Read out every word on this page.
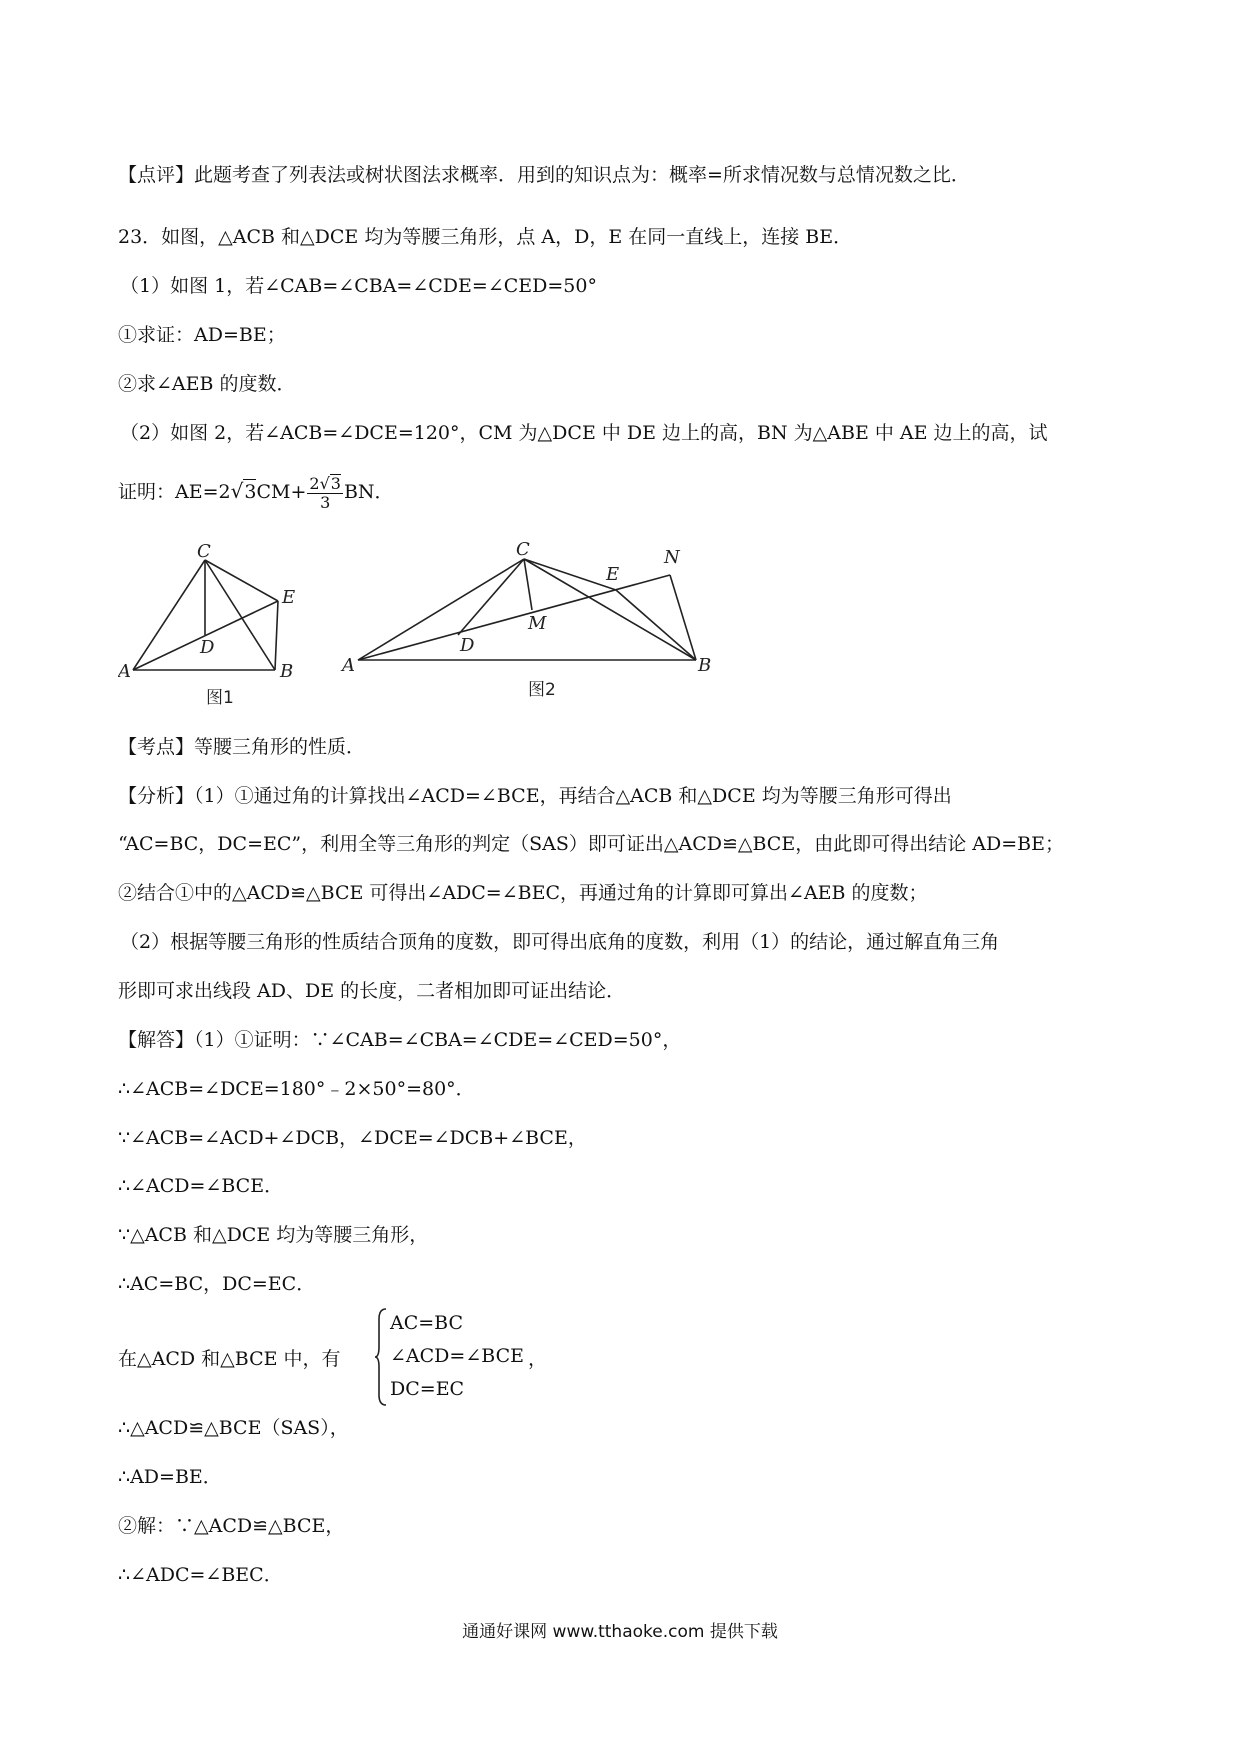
【点评】此题考查了列表法或树状图法求概率．用到的知识点为：概率=所求情况数与总情况数之比．
23．如图，△ACB 和△DCE 均为等腰三角形，点 A，D，E 在同一直线上，连接 BE．
（1）如图 1，若∠CAB=∠CBA=∠CDE=∠CED=50°
①求证：AD=BE；
②求∠AEB 的度数．
（2）如图 2，若∠ACB=∠DCE=120°，CM 为△DCE 中 DE 边上的高，BN 为△ABE 中 AE 边上的高，试
证明：$AE=2√3CM+ \frac{2√3}{3}$ BN．
C
E
D
A	B
图1
C
E
N
M
D
A	B
图2
【考点】等腰三角形的性质．
【分析】（1）①通过角的计算找出∠ACD=∠BCE，再结合△ACB 和△DCE 均为等腰三角形可得出
“AC=BC，DC=EC”，利用全等三角形的判定（SAS）即可证出△ACD≌△BCE，由此即可得出结论 AD=BE；
②结合①中的△ACD≌△BCE 可得出∠ADC=∠BEC，再通过角的计算即可算出∠AEB 的度数；
（2）根据等腰三角形的性质结合顶角的度数，即可得出底角的度数，利用（1）的结论，通过解直角三角
形即可求出线段 AD、DE 的长度，二者相加即可证出结论．
【解答】（1）①证明：∵∠CAB=∠CBA=∠CDE=∠CED=50°，
∴∠ACB=∠DCE=180°﹣2×50°=80°．
∵∠ACB=∠ACD+∠DCB，∠DCE=∠DCB+∠BCE，
∴∠ACD=∠BCE．
∵△ACB 和△DCE 均为等腰三角形，
∴AC=BC，DC=EC．
在△ACD 和△BCE 中，有
AC=BC
∠ACD=∠BCE
DC=EC
，
∴△ACD≌△BCE（SAS），
∴AD=BE．
②解：∵△ACD≌△BCE，
∴∠ADC=∠BEC．
通通好课网 www.tthaoke.com 提供下载
